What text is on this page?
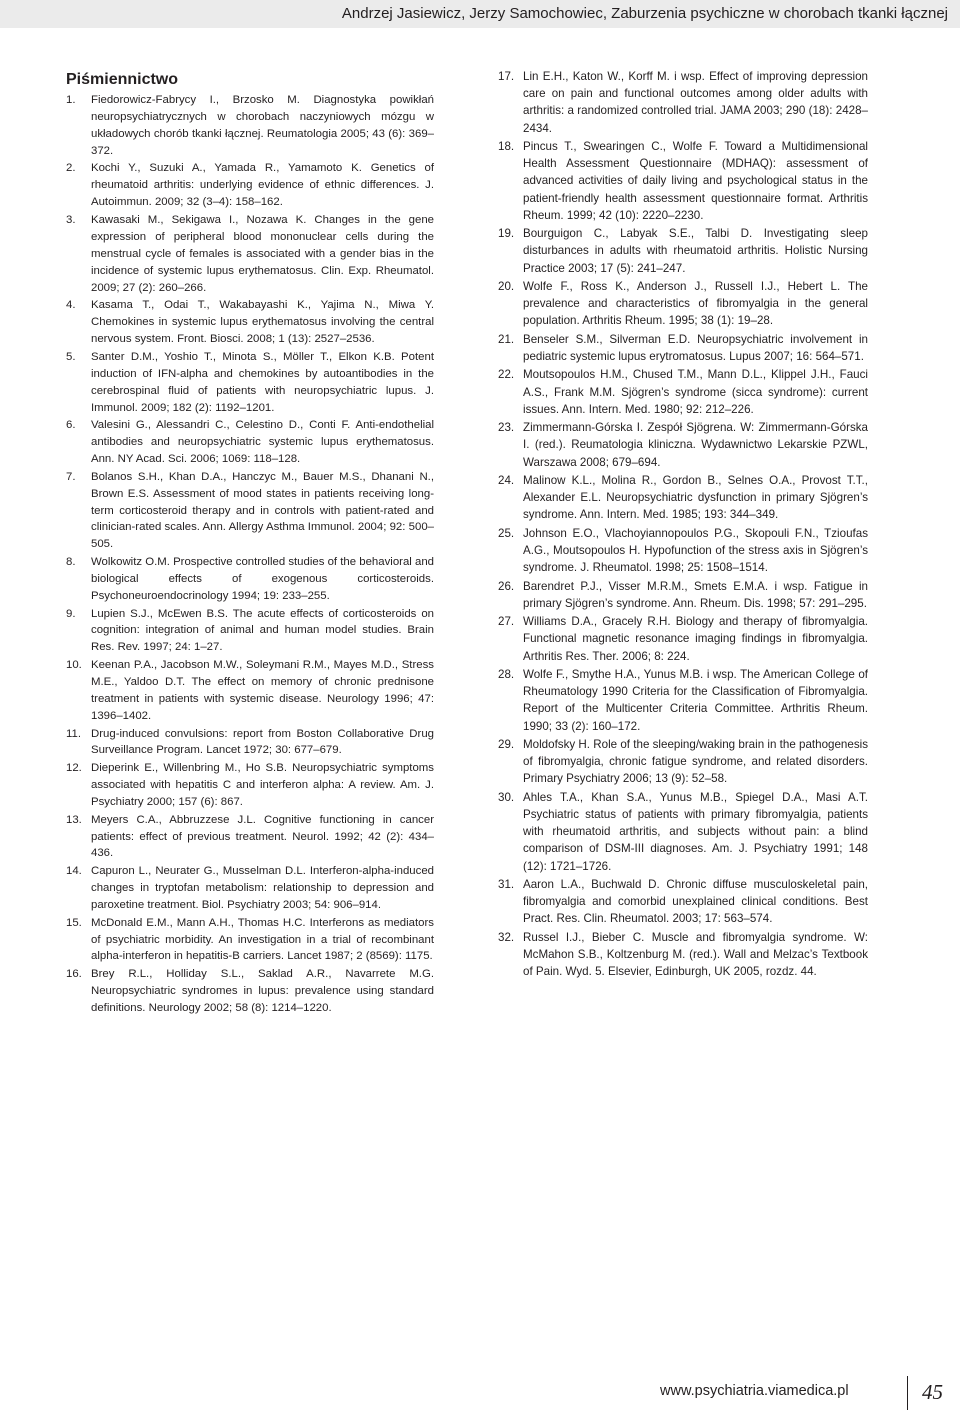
Andrzej Jasiewicz, Jerzy Samochowiec, Zaburzenia psychiczne w chorobach tkanki łącznej
Piśmiennictwo
1. Fiedorowicz-Fabrycy I., Brzosko M. Diagnostyka powikłań neuropsychiatrycznych w chorobach naczyniowych mózgu w układowych chorób tkanki łącznej. Reumatologia 2005; 43 (6): 369–372.
2. Kochi Y., Suzuki A., Yamada R., Yamamoto K. Genetics of rheumatoid arthritis: underlying evidence of ethnic differences. J. Autoimmun. 2009; 32 (3–4): 158–162.
3. Kawasaki M., Sekigawa I., Nozawa K. Changes in the gene expression of peripheral blood mononuclear cells during the menstrual cycle of females is associated with a gender bias in the incidence of systemic lupus erythematosus. Clin. Exp. Rheumatol. 2009; 27 (2): 260–266.
4. Kasama T., Odai T., Wakabayashi K., Yajima N., Miwa Y. Chemokines in systemic lupus erythematosus involving the central nervous system. Front. Biosci. 2008; 1 (13): 2527–2536.
5. Santer D.M., Yoshio T., Minota S., Möller T., Elkon K.B. Potent induction of IFN-alpha and chemokines by autoantibodies in the cerebrospinal fluid of patients with neuropsychiatric lupus. J. Immunol. 2009; 182 (2): 1192–1201.
6. Valesini G., Alessandri C., Celestino D., Conti F. Anti-endothelial antibodies and neuropsychiatric systemic lupus erythematosus. Ann. NY Acad. Sci. 2006; 1069: 118–128.
7. Bolanos S.H., Khan D.A., Hanczyc M., Bauer M.S., Dhanani N., Brown E.S. Assessment of mood states in patients receiving long-term corticosteroid therapy and in controls with patient-rated and clinician-rated scales. Ann. Allergy Asthma Immunol. 2004; 92: 500–505.
8. Wolkowitz O.M. Prospective controlled studies of the behavioral and biological effects of exogenous corticosteroids. Psychoneuroendocrinology 1994; 19: 233–255.
9. Lupien S.J., McEwen B.S. The acute effects of corticosteroids on cognition: integration of animal and human model studies. Brain Res. Rev. 1997; 24: 1–27.
10. Keenan P.A., Jacobson M.W., Soleymani R.M., Mayes M.D., Stress M.E., Yaldoo D.T. The effect on memory of chronic prednisone treatment in patients with systemic disease. Neurology 1996; 47: 1396–1402.
11. Drug-induced convulsions: report from Boston Collaborative Drug Surveillance Program. Lancet 1972; 30: 677–679.
12. Dieperink E., Willenbring M., Ho S.B. Neuropsychiatric symptoms associated with hepatitis C and interferon alpha: A review. Am. J. Psychiatry 2000; 157 (6): 867.
13. Meyers C.A., Abbruzzese J.L. Cognitive functioning in cancer patients: effect of previous treatment. Neurol. 1992; 42 (2): 434–436.
14. Capuron L., Neurater G., Musselman D.L. Interferon-alpha-induced changes in tryptofan metabolism: relationship to depression and paroxetine treatment. Biol. Psychiatry 2003; 54: 906–914.
15. McDonald E.M., Mann A.H., Thomas H.C. Interferons as mediators of psychiatric morbidity. An investigation in a trial of recombinant alpha-interferon in hepatitis-B carriers. Lancet 1987; 2 (8569): 1175.
16. Brey R.L., Holliday S.L., Saklad A.R., Navarrete M.G. Neuropsychiatric syndromes in lupus: prevalence using standard definitions. Neurology 2002; 58 (8): 1214–1220.
17. Lin E.H., Katon W., Korff M. i wsp. Effect of improving depression care on pain and functional outcomes among older adults with arthritis: a randomized controlled trial. JAMA 2003; 290 (18): 2428–2434.
18. Pincus T., Swearingen C., Wolfe F. Toward a Multidimensional Health Assessment Questionnaire (MDHAQ): assessment of advanced activities of daily living and psychological status in the patient-friendly health assessment questionnaire format. Arthritis Rheum. 1999; 42 (10): 2220–2230.
19. Bourguigon C., Labyak S.E., Talbi D. Investigating sleep disturbances in adults with rheumatoid arthritis. Holistic Nursing Practice 2003; 17 (5): 241–247.
20. Wolfe F., Ross K., Anderson J., Russell I.J., Hebert L. The prevalence and characteristics of fibromyalgia in the general population. Arthritis Rheum. 1995; 38 (1): 19–28.
21. Benseler S.M., Silverman E.D. Neuropsychiatric involvement in pediatric systemic lupus erytromatosus. Lupus 2007; 16: 564–571.
22. Moutsopoulos H.M., Chused T.M., Mann D.L., Klippel J.H., Fauci A.S., Frank M.M. Sjögren’s syndrome (sicca syndrome): current issues. Ann. Intern. Med. 1980; 92: 212–226.
23. Zimmermann-Górska I. Zespół Sjögrena. W: Zimmermann-Górska I. (red.). Reumatologia kliniczna. Wydawnictwo Lekarskie PZWL, Warszawa 2008; 679–694.
24. Malinow K.L., Molina R., Gordon B., Selnes O.A., Provost T.T., Alexander E.L. Neuropsychiatric dysfunction in primary Sjögren’s syndrome. Ann. Intern. Med. 1985; 193: 344–349.
25. Johnson E.O., Vlachoyiannopoulos P.G., Skopouli F.N., Tzioufas A.G., Moutsopoulos H. Hypofunction of the stress axis in Sjögren’s syndrome. J. Rheumatol. 1998; 25: 1508–1514.
26. Barendret P.J., Visser M.R.M., Smets E.M.A. i wsp. Fatigue in primary Sjögren’s syndrome. Ann. Rheum. Dis. 1998; 57: 291–295.
27. Williams D.A., Gracely R.H. Biology and therapy of fibromyalgia. Functional magnetic resonance imaging findings in fibromyalgia. Arthritis Res. Ther. 2006; 8: 224.
28. Wolfe F., Smythe H.A., Yunus M.B. i wsp. The American College of Rheumatology 1990 Criteria for the Classification of Fibromyalgia. Report of the Multicenter Criteria Committee. Arthritis Rheum. 1990; 33 (2): 160–172.
29. Moldofsky H. Role of the sleeping/waking brain in the pathogenesis of fibromyalgia, chronic fatigue syndrome, and related disorders. Primary Psychiatry 2006; 13 (9): 52–58.
30. Ahles T.A., Khan S.A., Yunus M.B., Spiegel D.A., Masi A.T. Psychiatric status of patients with primary fibromyalgia, patients with rheumatoid arthritis, and subjects without pain: a blind comparison of DSM-III diagnoses. Am. J. Psychiatry 1991; 148 (12): 1721–1726.
31. Aaron L.A., Buchwald D. Chronic diffuse musculoskeletal pain, fibromyalgia and comorbid unexplained clinical conditions. Best Pract. Res. Clin. Rheumatol. 2003; 17: 563–574.
32. Russel I.J., Bieber C. Muscle and fibromyalgia syndrome. W: McMahon S.B., Koltzenburg M. (red.). Wall and Melzac’s Textbook of Pain. Wyd. 5. Elsevier, Edinburgh, UK 2005, rozdz. 44.
www.psychiatria.viamedica.pl	45
